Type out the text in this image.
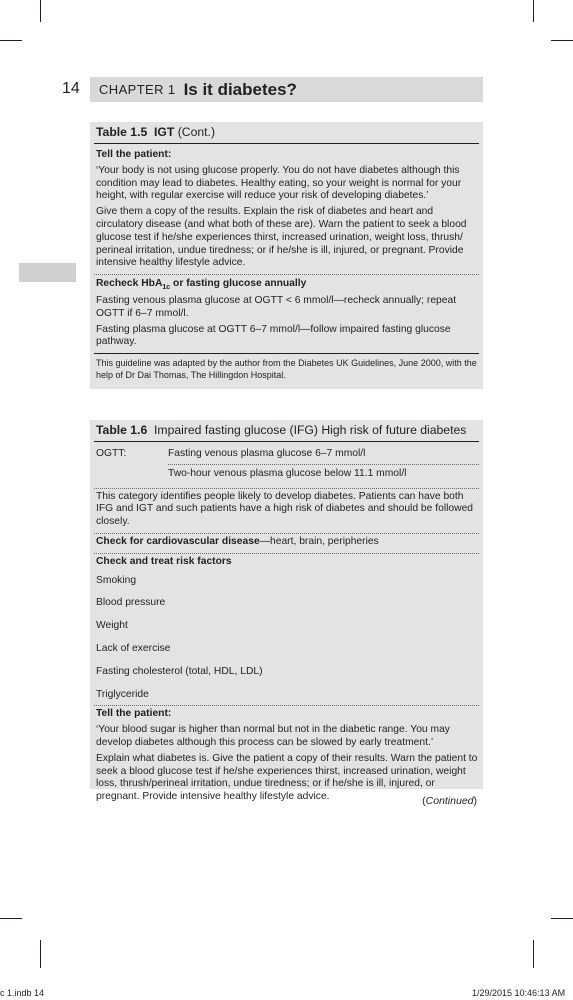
14 CHAPTER 1 Is it diabetes?
Table 1.5 IGT (Cont.)
Tell the patient:
‘Your body is not using glucose properly. You do not have diabetes although this condition may lead to diabetes. Healthy eating, so your weight is normal for your height, with regular exercise will reduce your risk of developing diabetes.’
Give them a copy of the results. Explain the risk of diabetes and heart and circulatory disease (and what both of these are). Warn the patient to seek a blood glucose test if he/she experiences thirst, increased urination, weight loss, thrush/ perineal irritation, undue tiredness; or if he/she is ill, injured, or pregnant. Provide intensive healthy lifestyle advice.
Recheck HbA$_{1c}$ or fasting glucose annually
Fasting venous plasma glucose at OGTT < 6 mmol/l—recheck annually; repeat OGTT if 6–7 mmol/l.
Fasting plasma glucose at OGTT 6–7 mmol/l—follow impaired fasting glucose pathway.
This guideline was adapted by the author from the Diabetes UK Guidelines, June 2000, with the help of Dr Dai Thomas, The Hillingdon Hospital.
Table 1.6 Impaired fasting glucose (IFG) High risk of future diabetes
OGTT:	Fasting venous plasma glucose 6–7 mmol/l
Two-hour venous plasma glucose below 11.1 mmol/l
This category identifies people likely to develop diabetes. Patients can have both IFG and IGT and such patients have a high risk of diabetes and should be followed closely.
Check for cardiovascular disease—heart, brain, peripheries
Check and treat risk factors
Smoking
Blood pressure
Weight
Lack of exercise
Fasting cholesterol (total, HDL, LDL)
Triglyceride
Tell the patient:
‘Your blood sugar is higher than normal but not in the diabetic range. You may develop diabetes although this process can be slowed by early treatment.’
Explain what diabetes is. Give the patient a copy of their results. Warn the patient to seek a blood glucose test if he/she experiences thirst, increased urination, weight loss, thrush/perineal irritation, undue tiredness; or if he/she is ill, injured, or pregnant. Provide intensive healthy lifestyle advice.	(Continued)
c 1.indb 14	1/29/2015 10:46:13 AM
